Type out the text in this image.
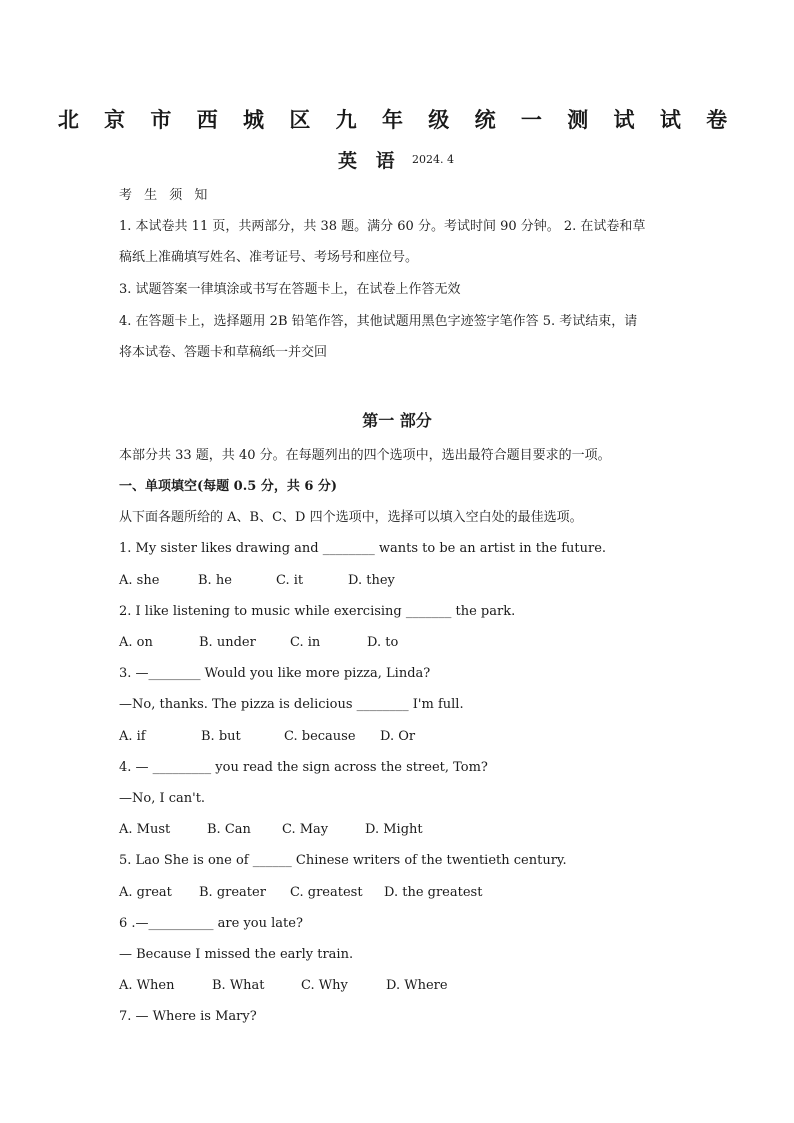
北 京 市 西 城 区 九 年 级 统 一 测 试 试 卷
英 语 2024. 4
考 生 须 知
1. 本试卷共 11 页，共两部分，共 38 题。满分 60 分。考试时间 90 分钟。 2. 在试卷和草
稿纸上准确填写姓名、准考证号、考场号和座位号。
3. 试题答案一律填涂或书写在答题卡上，在试卷上作答无效
4. 在答题卡上，选择题用 2B 铅笔作答，其他试题用黑色字迹签字笔作答 5. 考试结束，请
将本试卷、答题卡和草稿纸一并交回
第一 部分
本部分共 33 题，共 40 分。在每题列出的四个选项中，选出最符合题目要求的一项。
一、单项填空(每题 0.5 分，共 6 分)
从下面各题所给的 A、B、C、D 四个选项中，选择可以填入空白处的最佳选项。
1. My sister likes drawing and ________ wants to be an artist in the future.
A. she	B. he	C. it	D. they
2. I like listening to music while exercising _______ the park.
A. on	B. under	C. in	D. to
3. —________ Would you like more pizza, Linda?
—No, thanks. The pizza is delicious ________ I'm full.
A. if	B. but	C. because D. Or
4. — _________ you read the sign across the street, Tom?
—No, I can't.
A. Must	B. Can C. May	D. Might
5. Lao She is one of ______ Chinese writers of the twentieth century.
A. great B. greater C. greatest D. the greatest
6 .—__________ are you late?
— Because I missed the early train.
A. When	B. What	C. Why	D. Where
7. — Where is Mary?
